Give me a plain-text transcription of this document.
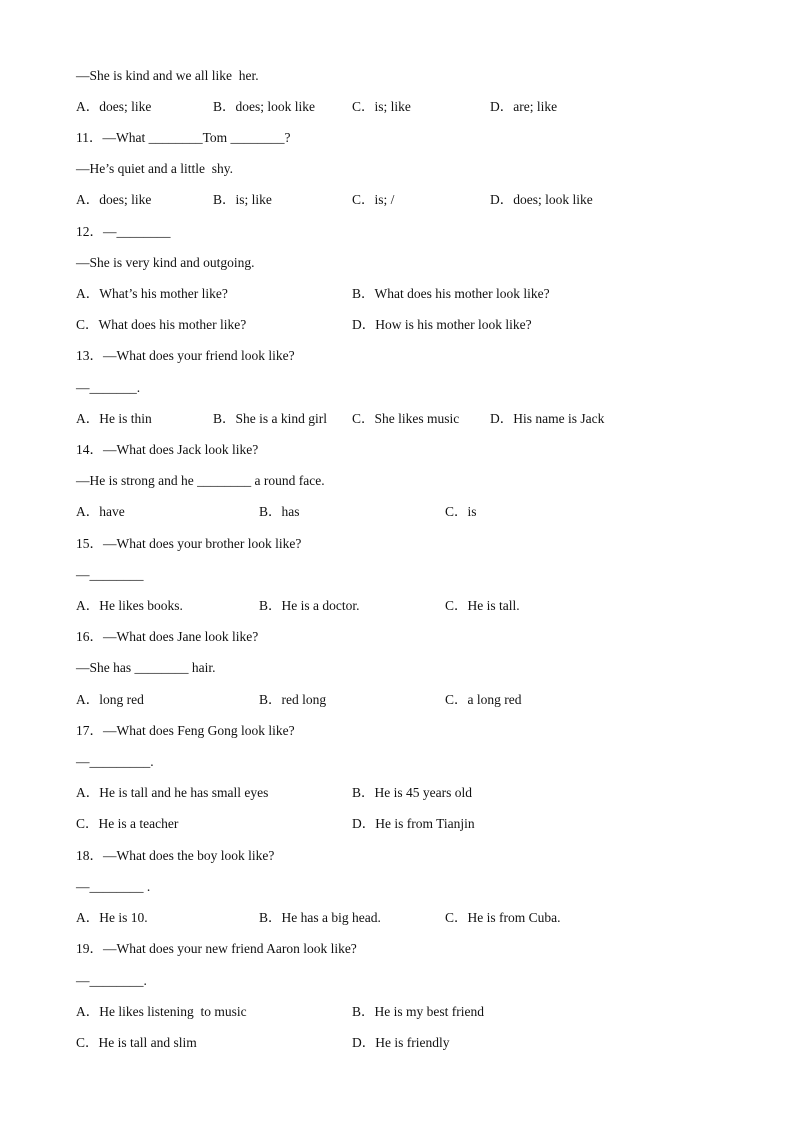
—She is kind and we all like  her.
A．does; like	B．does; look like	C．is; like	D．are; like
11．—What ________Tom ________?
—He’s quiet and a little  shy.
A．does; like	B．is; like	C．is; /	D．does; look like
12．—________
—She is very kind and outgoing.
A．What’s his mother like?	B．What does his mother look like?
C．What does his mother like?	D．How is his mother look like?
13．—What does your friend look like?
—_______.
A．He is thin	B．She is a kind girl C．She likes music D．His name is Jack
14．—What does Jack look like?
—He is strong and he ________ a round face.
A．have	B．has	C．is
15．—What does your brother look like?
—________
A．He likes books.	B．He is a doctor.	C．He is tall.
16．—What does Jane look like?
—She has ________ hair.
A．long red	B．red long	C．a long red
17．—What does Feng Gong look like?
—_________.
A．He is tall and he has small eyes	B．He is 45 years old
C．He is a teacher	D．He is from Tianjin
18．—What does the boy look like?
—________ .
A．He is 10.	B．He has a big head.	C．He is from Cuba.
19．—What does your new friend Aaron look like?
—________.
A．He likes listening  to music	B．He is my best friend
C．He is tall and slim	D．He is friendly
